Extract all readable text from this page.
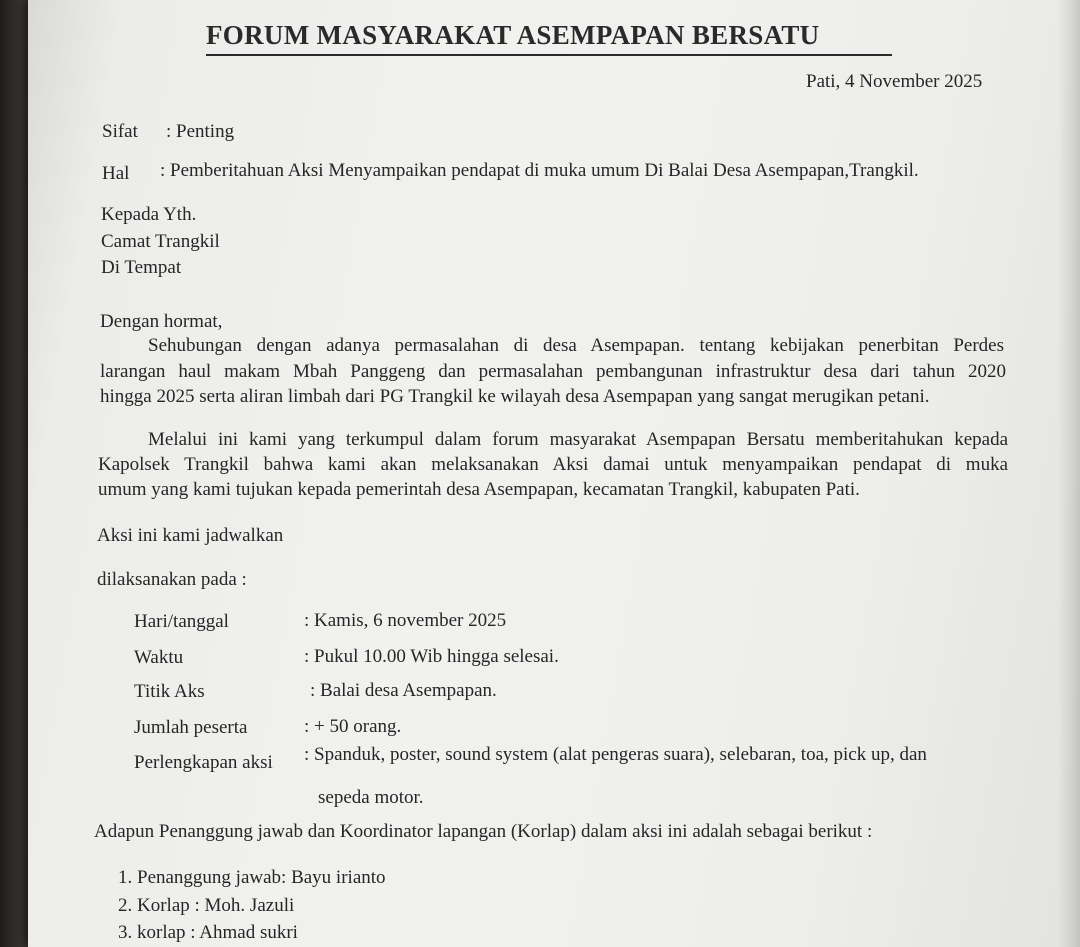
FORUM MASYARAKAT ASEMPAPAN BERSATU
Pati, 4 November 2025
Sifat : Penting
Hal : Pemberitahuan Aksi Menyampaikan pendapat di muka umum Di Balai Desa Asempapan,Trangkil.
Kepada Yth.
Camat Trangkil
Di Tempat
Dengan hormat,
Sehubungan dengan adanya permasalahan di desa Asempapan. tentang kebijakan penerbitan Perdes
larangan haul makam Mbah Panggeng dan permasalahan pembangunan infrastruktur desa dari tahun 2020
hingga 2025 serta aliran limbah dari PG Trangkil ke wilayah desa Asempapan yang sangat merugikan petani.
Melalui ini kami yang terkumpul dalam forum masyarakat Asempapan Bersatu memberitahukan kepada
Kapolsek Trangkil bahwa kami akan melaksanakan Aksi damai untuk menyampaikan pendapat di muka
umum yang kami tujukan kepada pemerintah desa Asempapan, kecamatan Trangkil, kabupaten Pati.
Aksi ini kami jadwalkan
dilaksanakan pada :
Hari/tanggal	: Kamis, 6 november 2025
Waktu	: Pukul 10.00 Wib hingga selesai.
Titik Aks	: Balai desa Asempapan.
Jumlah peserta	: + 50 orang.
Perlengkapan aksi : Spanduk, poster, sound system (alat pengeras suara), selebaran, toa, pick up, dan
sepeda motor.
Adapun Penanggung jawab dan Koordinator lapangan (Korlap) dalam aksi ini adalah sebagai berikut :
1. Penanggung jawab: Bayu irianto
2. Korlap : Moh. Jazuli
3. korlap : Ahmad sukri
